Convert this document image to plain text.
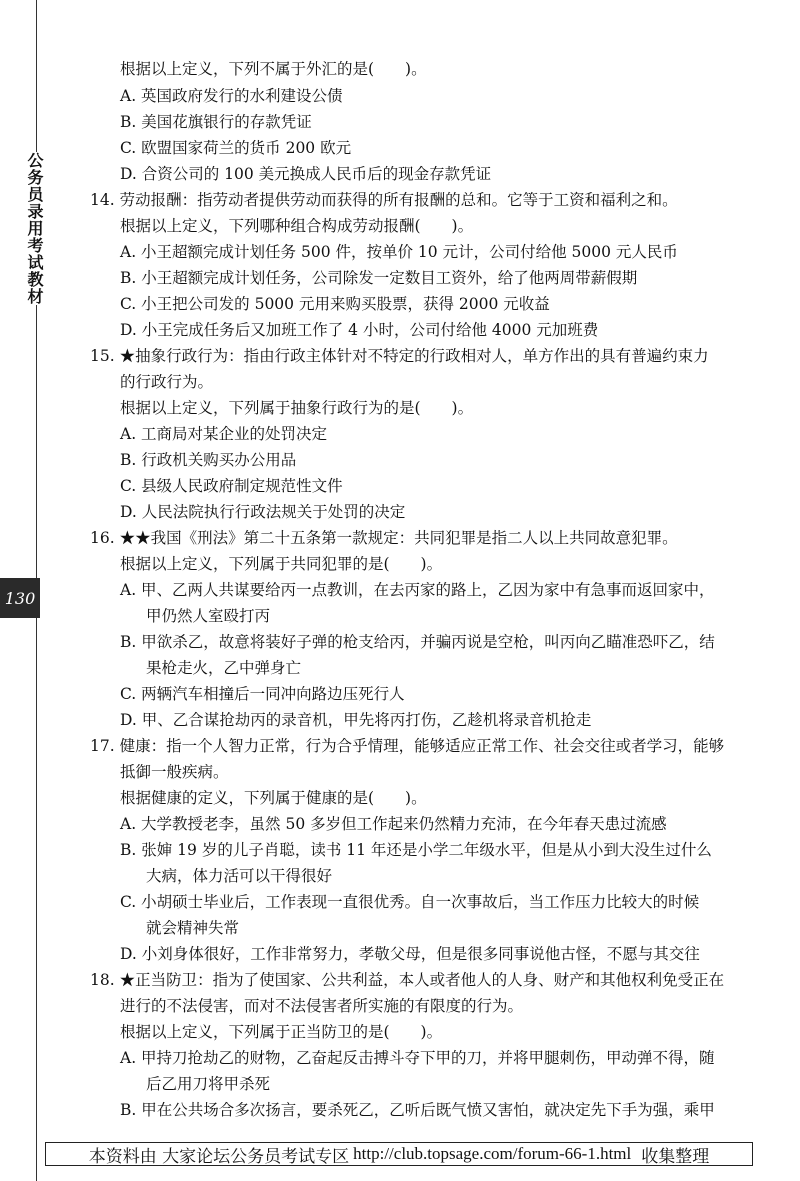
公务员录用考试教材
130
根据以上定义，下列不属于外汇的是(　　)。
A. 英国政府发行的水利建设公债
B. 美国花旗银行的存款凭证
C. 欧盟国家荷兰的货币 200 欧元
D. 合资公司的 100 美元换成人民币后的现金存款凭证
14. 劳动报酬：指劳动者提供劳动而获得的所有报酬的总和。它等于工资和福利之和。
根据以上定义，下列哪种组合构成劳动报酬(　　)。
A. 小王超额完成计划任务 500 件，按单价 10 元计，公司付给他 5000 元人民币
B. 小王超额完成计划任务，公司除发一定数目工资外，给了他两周带薪假期
C. 小王把公司发的 5000 元用来购买股票，获得 2000 元收益
D. 小王完成任务后又加班工作了 4 小时，公司付给他 4000 元加班费
15. ★抽象行政行为：指由行政主体针对不特定的行政相对人，单方作出的具有普遍约束力
的行政行为。
根据以上定义，下列属于抽象行政行为的是(　　)。
A. 工商局对某企业的处罚决定
B. 行政机关购买办公用品
C. 县级人民政府制定规范性文件
D. 人民法院执行行政法规关于处罚的决定
16. ★★我国《刑法》第二十五条第一款规定：共同犯罪是指二人以上共同故意犯罪。
根据以上定义，下列属于共同犯罪的是(　　)。
A. 甲、乙两人共谋要给丙一点教训，在去丙家的路上，乙因为家中有急事而返回家中，
甲仍然人室殴打丙
B. 甲欲杀乙，故意将装好子弹的枪支给丙，并骗丙说是空枪，叫丙向乙瞄准恐吓乙，结
果枪走火，乙中弹身亡
C. 两辆汽车相撞后一同冲向路边压死行人
D. 甲、乙合谋抢劫丙的录音机，甲先将丙打伤，乙趁机将录音机抢走
17. 健康：指一个人智力正常，行为合乎情理，能够适应正常工作、社会交往或者学习，能够
抵御一般疾病。
根据健康的定义，下列属于健康的是(　　)。
A. 大学教授老李，虽然 50 多岁但工作起来仍然精力充沛，在今年春天患过流感
B. 张婶 19 岁的儿子肖聪，读书 11 年还是小学二年级水平，但是从小到大没生过什么
大病，体力活可以干得很好
C. 小胡硕士毕业后，工作表现一直很优秀。自一次事故后，当工作压力比较大的时候
就会精神失常
D. 小刘身体很好，工作非常努力，孝敬父母，但是很多同事说他古怪，不愿与其交往
18. ★正当防卫：指为了使国家、公共利益，本人或者他人的人身、财产和其他权利免受正在
进行的不法侵害，而对不法侵害者所实施的有限度的行为。
根据以上定义，下列属于正当防卫的是(　　)。
A. 甲持刀抢劫乙的财物，乙奋起反击搏斗夺下甲的刀，并将甲腿刺伤，甲动弹不得，随
后乙用刀将甲杀死
B. 甲在公共场合多次扬言，要杀死乙，乙听后既气愤又害怕，就决定先下手为强，乘甲
本资料由 大家论坛公务员考试专区 http://club.topsage.com/forum-66-1.html 收集整理
